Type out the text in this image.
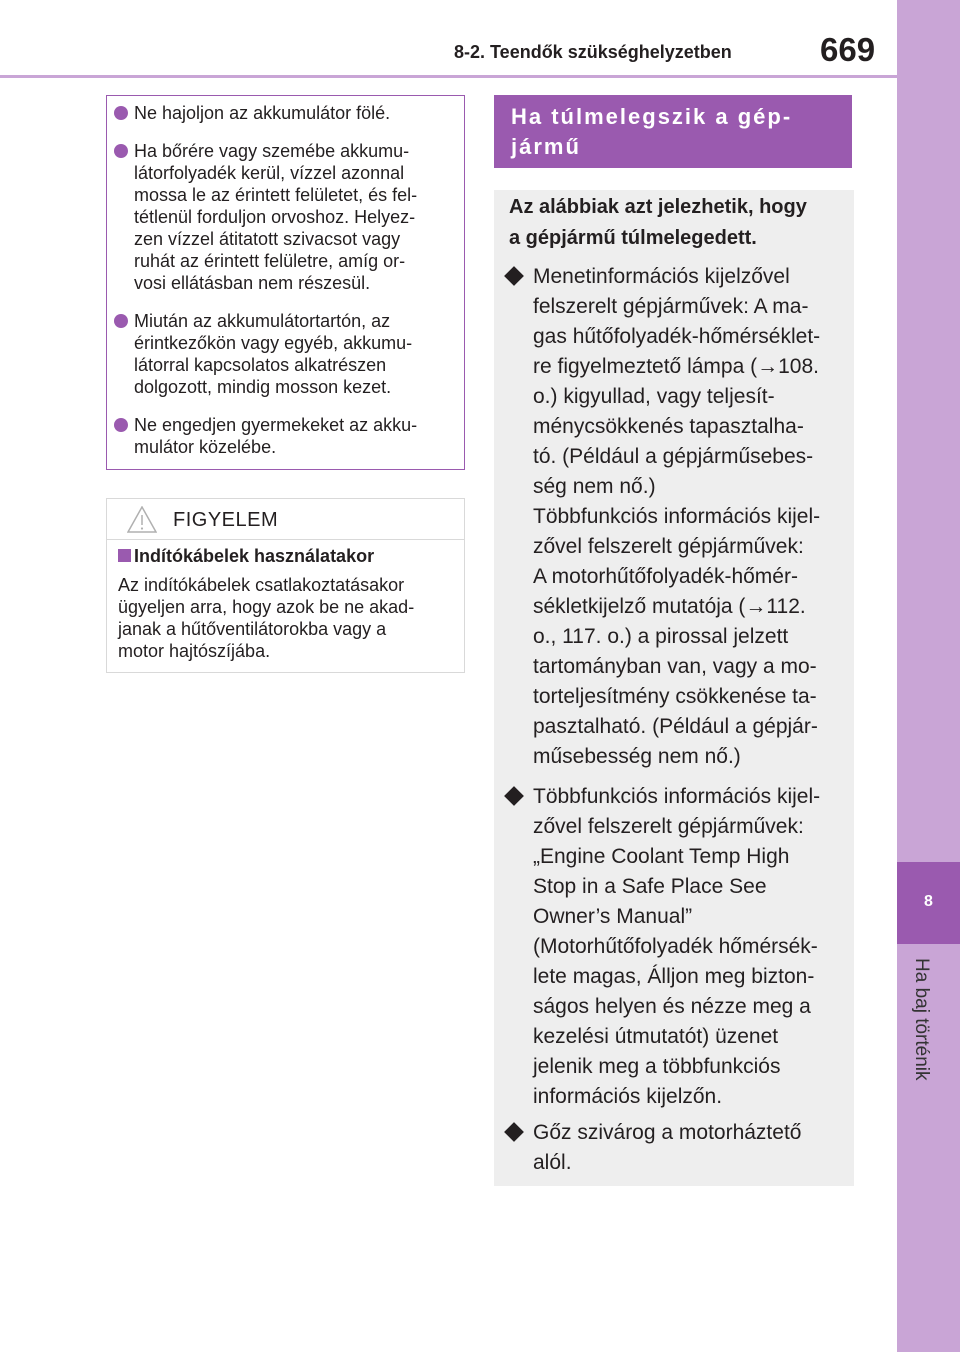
8-2. Teendők szükséghelyzetben	669
8
Ha baj történik
Ne hajoljon az akkumulátor fölé.
Ha bőrére vagy szemébe akkumu-
látorfolyadék kerül, vízzel azonnal
mossa le az érintett felületet, és fel-
tétlenül forduljon orvoshoz. Helyez-
zen vízzel átitatott szivacsot vagy
ruhát az érintett felületre, amíg or-
vosi ellátásban nem részesül.
Miután az akkumulátortartón, az
érintkezőkön vagy egyéb, akkumu-
látorral kapcsolatos alkatrészen
dolgozott, mindig mosson kezet.
Ne engedjen gyermekeket az akku-
mulátor közelébe.
FIGYELEM
Indítókábelek használatakor
Az indítókábelek csatlakoztatásakor
ügyeljen arra, hogy azok be ne akad-
janak a hűtőventilátorokba vagy a
motor hajtószíjába.
Ha túlmelegszik a gép-
jármű
Az alábbiak azt jelezhetik, hogy
a gépjármű túlmelegedett.
Menetinformációs kijelzővel
felszerelt gépjárművek: A ma-
gas hűtőfolyadék-hőmérséklet-
re figyelmeztető lámpa (→108.
o.) kigyullad, vagy teljesít-
ménycsökkenés tapasztalha-
tó. (Például a gépjárműsebes-
ség nem nő.)
Többfunkciós információs kijel-
zővel felszerelt gépjárművek:
A motorhűtőfolyadék-hőmér-
sékletkijelző mutatója (→112.
o., 117. o.) a pirossal jelzett
tartományban van, vagy a mo-
torteljesítmény csökkenése ta-
pasztalható. (Például a gépjár-
műsebesség nem nő.)
Többfunkciós információs kijel-
zővel felszerelt gépjárművek:
„Engine Coolant Temp High
Stop in a Safe Place See
Owner’s Manual”
(Motorhűtőfolyadék hőmérsék-
lete magas, Álljon meg bizton-
ságos helyen és nézze meg a
kezelési útmutatót) üzenet
jelenik meg a többfunkciós
információs kijelzőn.
Gőz szivárog a motorháztető
alól.
